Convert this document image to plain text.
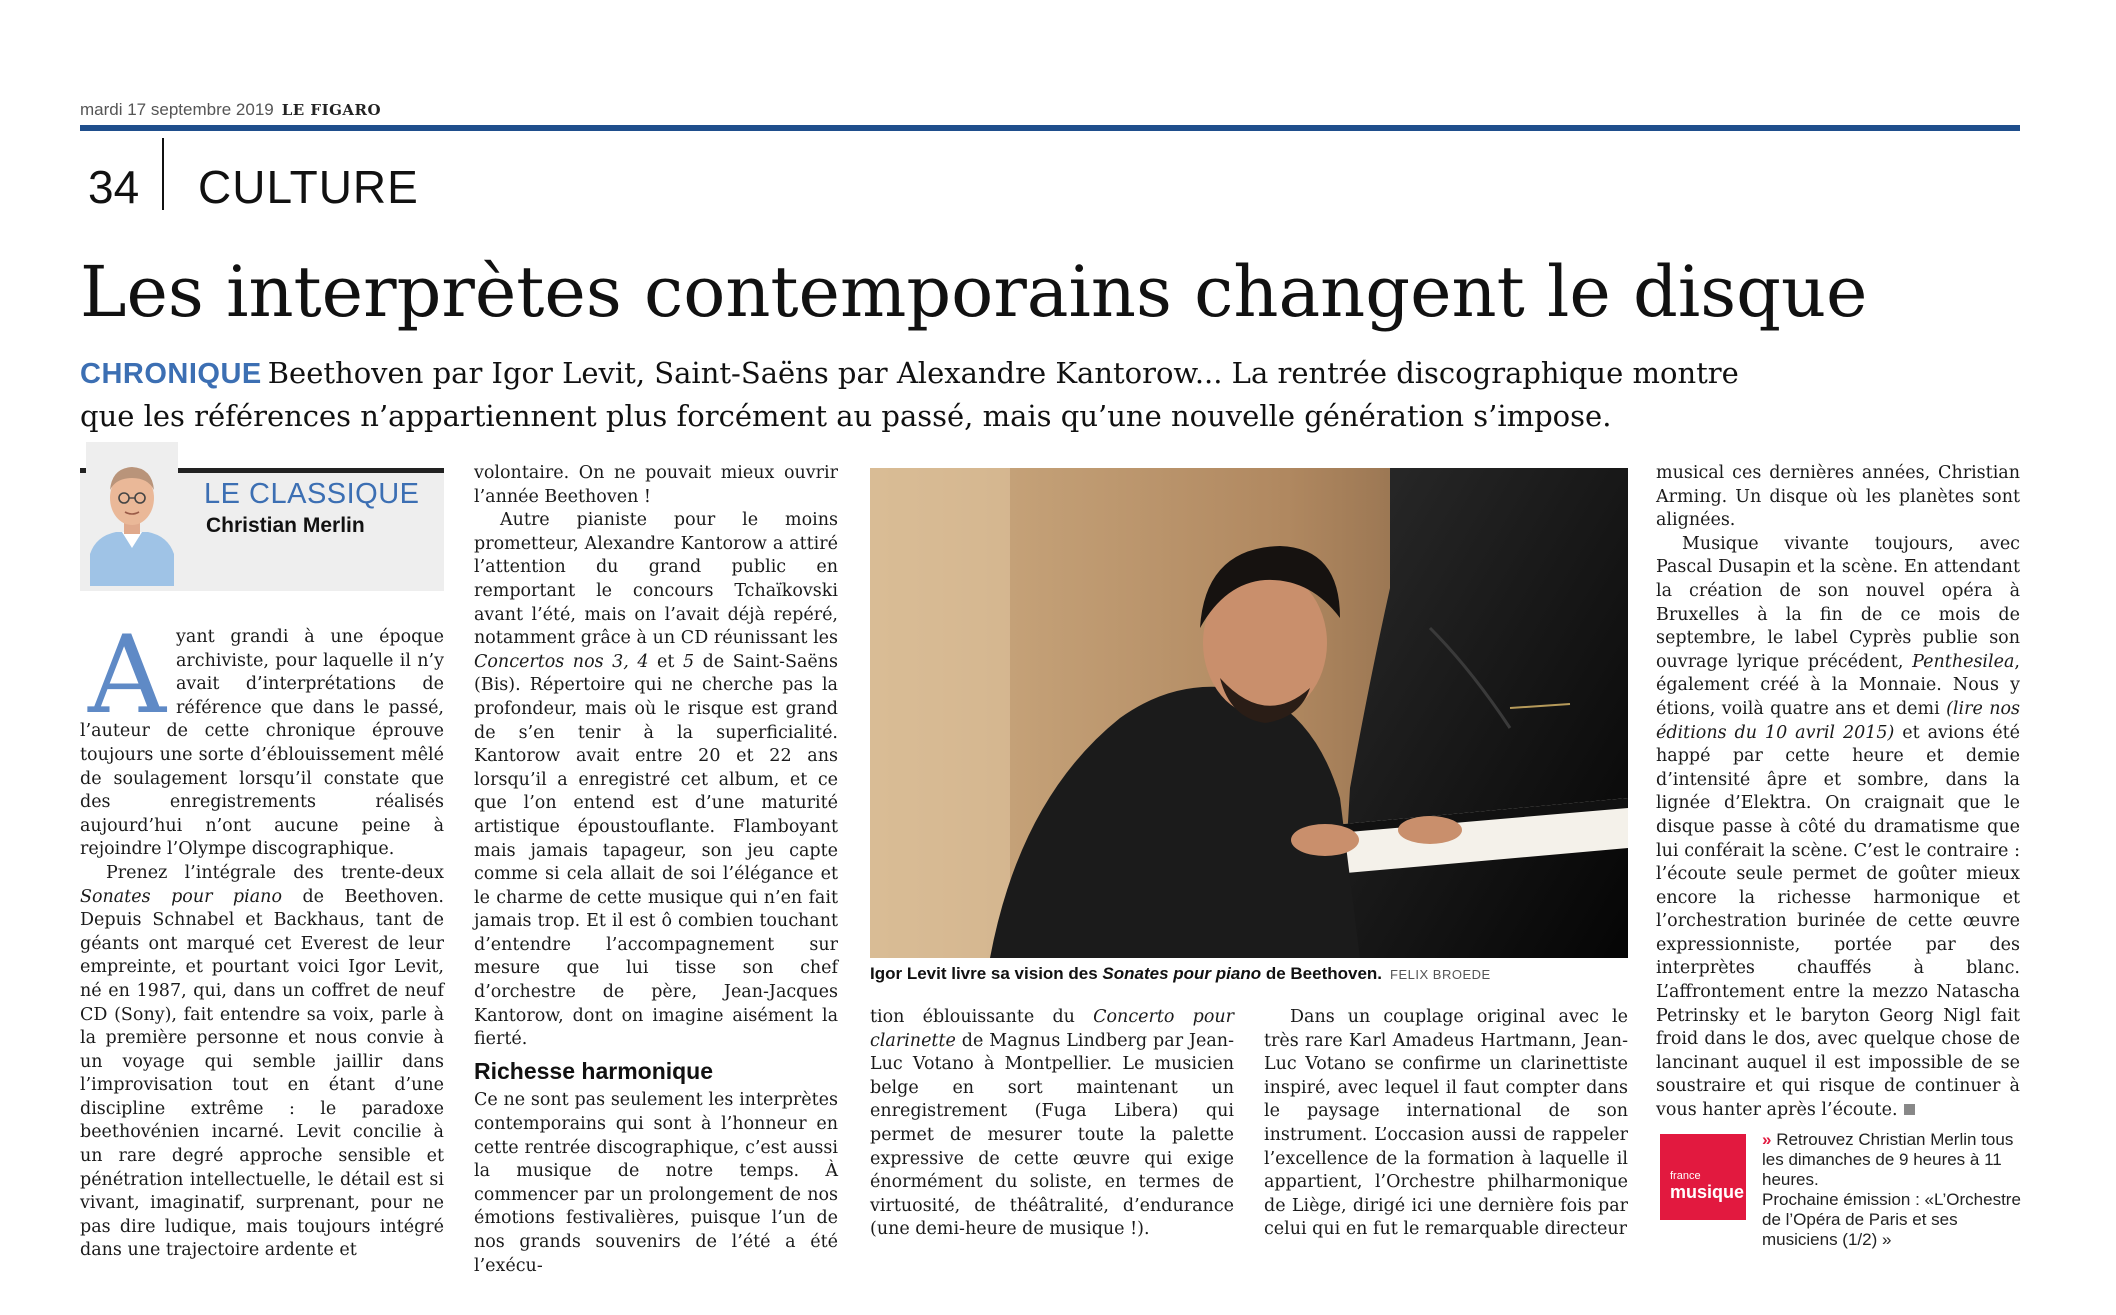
mardi 17 septembre 2019 LE FIGARO
34 CULTURE
Les interprètes contemporains changent le disque
CHRONIQUE Beethoven par Igor Levit, Saint-Saëns par Alexandre Kantorow... La rentrée discographique montre que les références n’appartiennent plus forcément au passé, mais qu’une nouvelle génération s’impose.
LE CLASSIQUE
Christian Merlin

Ayant grandi à une époque archiviste, pour laquelle il n’y avait d’interprétations de référence que dans le passé, l’auteur de cette chronique éprouve toujours une sorte d’éblouissement mêlé de soulagement lorsqu’il constate que des enregistrements réalisés aujourd’hui n’ont aucune peine à rejoindre l’Olympe discographique.

Prenez l’intégrale des trente-deux Sonates pour piano de Beethoven. Depuis Schnabel et Backhaus, tant de géants ont marqué cet Everest de leur empreinte, et pourtant voici Igor Levit, né en 1987, qui, dans un coffret de neuf CD (Sony), fait entendre sa voix, parle à la première personne et nous convie à un voyage qui semble jaillir dans l’improvisation tout en étant d’une discipline extrême : le paradoxe beethovénien incarné. Levit concilie à un rare degré approche sensible et pénétration intellectuelle, le détail est si vivant, imaginatif, surprenant, pour ne pas dire ludique, mais toujours intégré dans une trajectoire ardente et

volontaire. On ne pouvait mieux ouvrir l’année Beethoven !

Autre pianiste pour le moins prometteur, Alexandre Kantorow a attiré l’attention du grand public en remportant le concours Tchaïkovski avant l’été, mais on l’avait déjà repéré, notamment grâce à un CD réunissant les Concertos nos 3, 4 et 5 de Saint-Saëns (Bis). Répertoire qui ne cherche pas la profondeur, mais où le risque est grand de s’en tenir à la superficialité. Kantorow avait entre 20 et 22 ans lorsqu’il a enregistré cet album, et ce que l’on entend est d’une maturité artistique époustouflante. Flamboyant mais jamais tapageur, son jeu capte comme si cela allait de soi l’élégance et le charme de cette musique qui n’en fait jamais trop. Et il est ô combien touchant d’entendre l’accompagnement sur mesure que lui tisse son chef d’orchestre de père, Jean-Jacques Kantorow, dont on imagine aisément la fierté.

Richesse harmonique

Ce ne sont pas seulement les interprètes contemporains qui sont à l’honneur en cette rentrée discographique, c’est aussi la musique de notre temps. À commencer par un prolongement de nos émotions festivalières, puisque l’un de nos grands souvenirs de l’été a été l’exécu-

Igor Levit livre sa vision des Sonates pour piano de Beethoven. FELIX BROEDE

tion éblouissante du Concerto pour clarinette de Magnus Lindberg par Jean-Luc Votano à Montpellier. Le musicien belge en sort maintenant un enregistrement (Fuga Libera) qui permet de mesurer toute la palette expressive de cette œuvre qui exige énormément du soliste, en termes de virtuosité, de théâtralité, d’endurance (une demi-heure de musique !).

Dans un couplage original avec le très rare Karl Amadeus Hartmann, Jean-Luc Votano se confirme un clarinettiste inspiré, avec lequel il faut compter dans le paysage international de son instrument. L’occasion aussi de rappeler l’excellence de la formation à laquelle il appartient, l’Orchestre philharmonique de Liège, dirigé ici une dernière fois par celui qui en fut le remarquable directeur

musical ces dernières années, Christian Arming. Un disque où les planètes sont alignées.

Musique vivante toujours, avec Pascal Dusapin et la scène. En attendant la création de son nouvel opéra à Bruxelles à la fin de ce mois de septembre, le label Cyprès publie son ouvrage lyrique précédent, Penthesilea, également créé à la Monnaie. Nous y étions, voilà quatre ans et demi (lire nos éditions du 10 avril 2015) et avions été happé par cette heure et demie d’intensité âpre et sombre, dans la lignée d’Elektra. On craignait que le disque passe à côté du dramatisme que lui conférait la scène. C’est le contraire : l’écoute seule permet de goûter mieux encore la richesse harmonique et l’orchestration burinée de cette œuvre expressionniste, portée par des interprètes chauffés à blanc. L’affrontement entre la mezzo Natascha Petrinsky et le baryton Georg Nigl fait froid dans le dos, avec quelque chose de lancinant auquel il est impossible de se soustraire et qui risque de continuer à vous hanter après l’écoute.

france
musique
» Retrouvez Christian Merlin tous les dimanches de 9 heures à 11 heures.
Prochaine émission : «L’Orchestre de l’Opéra de Paris et ses musiciens (1/2) »
